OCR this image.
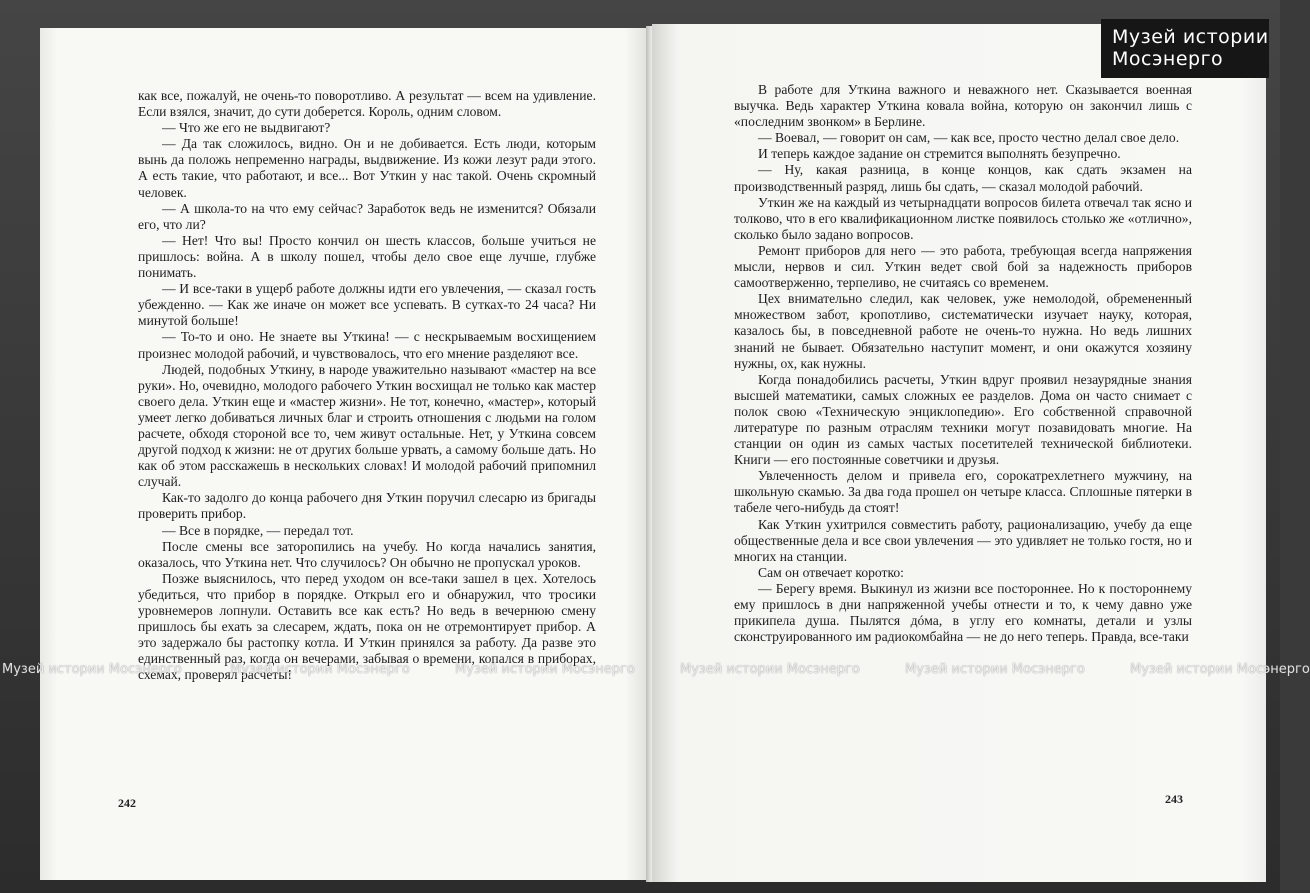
как все, пожалуй, не очень-то поворотливо. А результат — всем на удивление. Если взялся, значит, до сути доберется. Король, одним словом.

— Что же его не выдвигают?

— Да так сложилось, видно. Он и не добивается. Есть люди, которым вынь да положь непременно награды, выдвижение. Из кожи лезут ради этого. А есть такие, что работают, и все... Вот Уткин у нас такой. Очень скромный человек.

— А школа-то на что ему сейчас? Заработок ведь не изменится? Обязали его, что ли?

— Нет! Что вы! Просто кончил он шесть классов, больше учиться не пришлось: война. А в школу пошел, чтобы дело свое еще лучше, глубже понимать.

— И все-таки в ущерб работе должны идти его увлечения, — сказал гость убежденно. — Как же иначе он может все успевать. В сутках-то 24 часа? Ни минутой больше!

— То-то и оно. Не знаете вы Уткина! — с нескрываемым восхищением произнес молодой рабочий, и чувствовалось, что его мнение разделяют все.

Людей, подобных Уткину, в народе уважительно называют «мастер на все руки». Но, очевидно, молодого рабочего Уткин восхищал не только как мастер своего дела. Уткин еще и «мастер жизни». Не тот, конечно, «мастер», который умеет легко добиваться личных благ и строить отношения с людьми на голом расчете, обходя стороной все то, чем живут остальные. Нет, у Уткина совсем другой подход к жизни: не от других больше урвать, а самому больше дать. Но как об этом расскажешь в нескольких словах! И молодой рабочий припомнил случай.

Как-то задолго до конца рабочего дня Уткин поручил слесарю из бригады проверить прибор.

— Все в порядке, — передал тот.

После смены все заторопились на учебу. Но когда начались занятия, оказалось, что Уткина нет. Что случилось? Он обычно не пропускал уроков.

Позже выяснилось, что перед уходом он все-таки зашел в цех. Хотелось убедиться, что прибор в порядке. Открыл его и обнаружил, что тросики уровнемеров лопнули. Оставить все как есть? Но ведь в вечернюю смену пришлось бы ехать за слесарем, ждать, пока он не отремонтирует прибор. А это задержало бы растопку котла. И Уткин принялся за работу. Да разве это единственный раз, когда он вечерами, забывая о времени, копался в приборах, схемах, проверял расчеты!

242

В работе для Уткина важного и неважного нет. Сказывается военная выучка. Ведь характер Уткина ковала война, которую он закончил лишь с «последним звонком» в Берлине.

— Воевал, — говорит он сам, — как все, просто честно делал свое дело.

И теперь каждое задание он стремится выполнять безупречно.

— Ну, какая разница, в конце концов, как сдать экзамен на производственный разряд, лишь бы сдать, — сказал молодой рабочий.

Уткин же на каждый из четырнадцати вопросов билета отвечал так ясно и толково, что в его квалификационном листке появилось столько же «отлично», сколько было задано вопросов.

Ремонт приборов для него — это работа, требующая всегда напряжения мысли, нервов и сил. Уткин ведет свой бой за надежность приборов самоотверженно, терпеливо, не считаясь со временем.

Цех внимательно следил, как человек, уже немолодой, обремененный множеством забот, кропотливо, систематически изучает науку, которая, казалось бы, в повседневной работе не очень-то нужна. Но ведь лишних знаний не бывает. Обязательно наступит момент, и они окажутся хозяину нужны, ох, как нужны.

Когда понадобились расчеты, Уткин вдруг проявил незаурядные знания высшей математики, самых сложных ее разделов. Дома он часто снимает с полок свою «Техническую энциклопедию». Его собственной справочной литературе по разным отраслям техники могут позавидовать многие. На станции он один из самых частых посетителей технической библиотеки. Книги — его постоянные советчики и друзья.

Увлеченность делом и привела его, сорокатрехлетнего мужчину, на школьную скамью. За два года прошел он четыре класса. Сплошные пятерки в табеле чего-нибудь да стоят!

Как Уткин ухитрился совместить работу, рационализацию, учебу да еще общественные дела и все свои увлечения — это удивляет не только гостя, но и многих на станции.

Сам он отвечает коротко:

— Берегу время. Выкинул из жизни все постороннее. Но к постороннему ему пришлось в дни напряженной учебы отнести и то, к чему давно уже прикипела душа. Пылятся дóма, в углу его комнаты, детали и узлы сконструированного им радиокомбайна — не до него теперь. Правда, все-таки

243
Музей истории Мосэнерго	Музей истории Мосэнерго	Музей истории Мосэнерго	Музей истории Мосэнерго	Музей истории Мосэнерго	Музей истории Мосэнерго
Музей истории
Мосэнерго
